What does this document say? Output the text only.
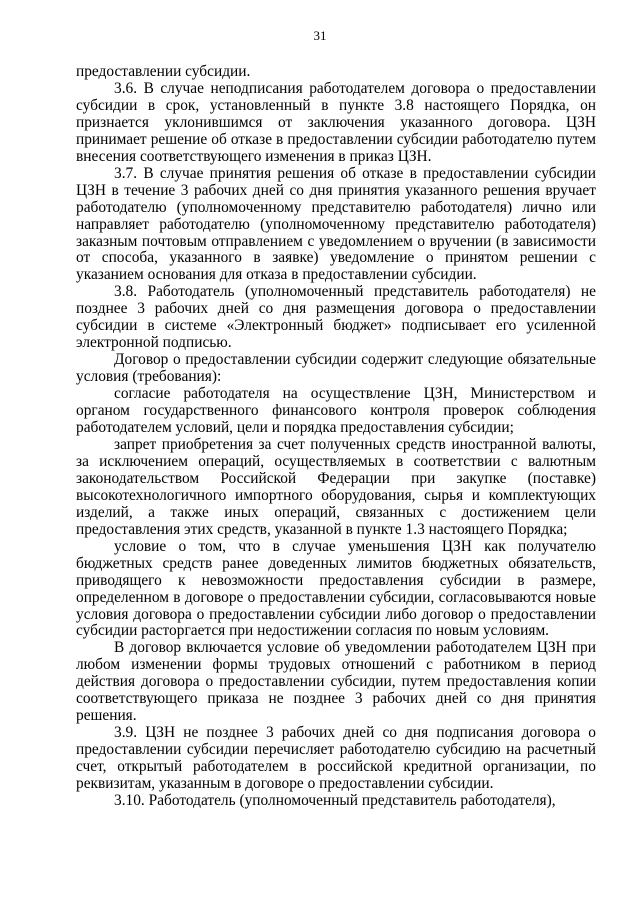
31

предоставлении субсидии.

3.6. В случае неподписания работодателем договора о предоставлении субсидии в срок, установленный в пункте 3.8 настоящего Порядка, он признается уклонившимся от заключения указанного договора. ЦЗН принимает решение об отказе в предоставлении субсидии работодателю путем внесения соответствующего изменения в приказ ЦЗН.

3.7. В случае принятия решения об отказе в предоставлении субсидии ЦЗН в течение 3 рабочих дней со дня принятия указанного решения вручает работодателю (уполномоченному представителю работодателя) лично или направляет работодателю (уполномоченному представителю работодателя) заказным почтовым отправлением с уведомлением о вручении (в зависимости от способа, указанного в заявке) уведомление о принятом решении с указанием основания для отказа в предоставлении субсидии.

3.8. Работодатель (уполномоченный представитель работодателя) не позднее 3 рабочих дней со дня размещения договора о предоставлении субсидии в системе «Электронный бюджет» подписывает его усиленной электронной подписью.

Договор о предоставлении субсидии содержит следующие обязательные условия (требования):

согласие работодателя на осуществление ЦЗН, Министерством и органом государственного финансового контроля проверок соблюдения работодателем условий, цели и порядка предоставления субсидии;

запрет приобретения за счет полученных средств иностранной валюты, за исключением операций, осуществляемых в соответствии с валютным законодательством Российской Федерации при закупке (поставке) высокотехнологичного импортного оборудования, сырья и комплектующих изделий, а также иных операций, связанных с достижением цели предоставления этих средств, указанной в пункте 1.3 настоящего Порядка;

условие о том, что в случае уменьшения ЦЗН как получателю бюджетных средств ранее доведенных лимитов бюджетных обязательств, приводящего к невозможности предоставления субсидии в размере, определенном в договоре о предоставлении субсидии, согласовываются новые условия договора о предоставлении субсидии либо договор о предоставлении субсидии расторгается при недостижении согласия по новым условиям.

В договор включается условие об уведомлении работодателем ЦЗН при любом изменении формы трудовых отношений с работником в период действия договора о предоставлении субсидии, путем предоставления копии соответствующего приказа не позднее 3 рабочих дней со дня принятия решения.

3.9. ЦЗН не позднее 3 рабочих дней со дня подписания договора о предоставлении субсидии перечисляет работодателю субсидию на расчетный счет, открытый работодателем в российской кредитной организации, по реквизитам, указанным в договоре о предоставлении субсидии.

3.10. Работодатель (уполномоченный представитель работодателя),
